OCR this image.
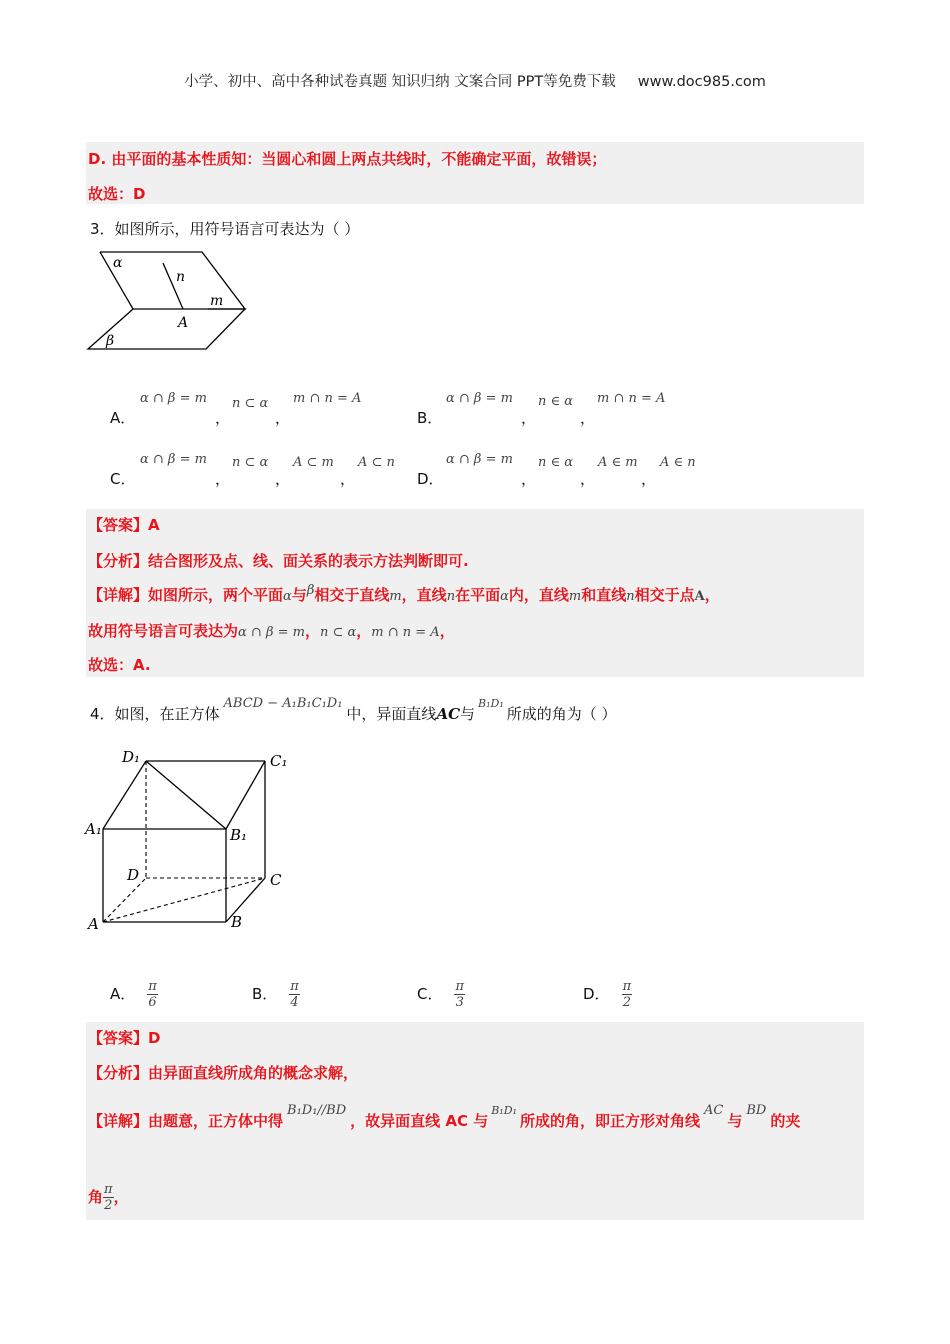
小学、初中、高中各种试卷真题 知识归纳 文案合同 PPT等免费下载 www.doc985.com
D. 由平面的基本性质知：当圆心和圆上两点共线时，不能确定平面，故错误；
故选：D
3．如图所示，用符号语言可表达为（ ）
α
n
m
A
β
A．
α ∩ β = m
，
n ⊂ α
，
m ∩ n = A
B．
α ∩ β = m
，
n ∈ α
，
m ∩ n = A
C．
α ∩ β = m
，
n ⊂ α
，
A ⊂ m
，
A ⊂ n
D．
α ∩ β = m
，
n ∈ α
，
A ∈ m
，
A ∈ n
【答案】A
【分析】结合图形及点、线、面关系的表示方法判断即可.
【详解】如图所示，两个平面α与β相交于直线m，直线n在平面α内，直线m和直线n相交于点A，
故用符号语言可表达为α ∩ β = m，n ⊂ α，m ∩ n = A，
故选：A.
4．如图，在正方体ABCD − A₁B₁C₁D₁中，异面直线AC与$^{B_1D_1}$所成的角为（ ）
D₁	C₁
A₁	B₁
D	C
A	B
A． $\frac{\pi}{6}$	B． $\frac{\pi}{4}$	C． $\frac{\pi}{3}$	D． $\frac{\pi}{2}$
【答案】D
【分析】由异面直线所成角的概念求解，
【详解】由题意，正方体中得B₁D₁//BD，故异面直线 AC 与$^{B_1D_1}$所成的角，即正方形对角线AC与BD的夹
角 $\frac{\pi}{2}$ ，
